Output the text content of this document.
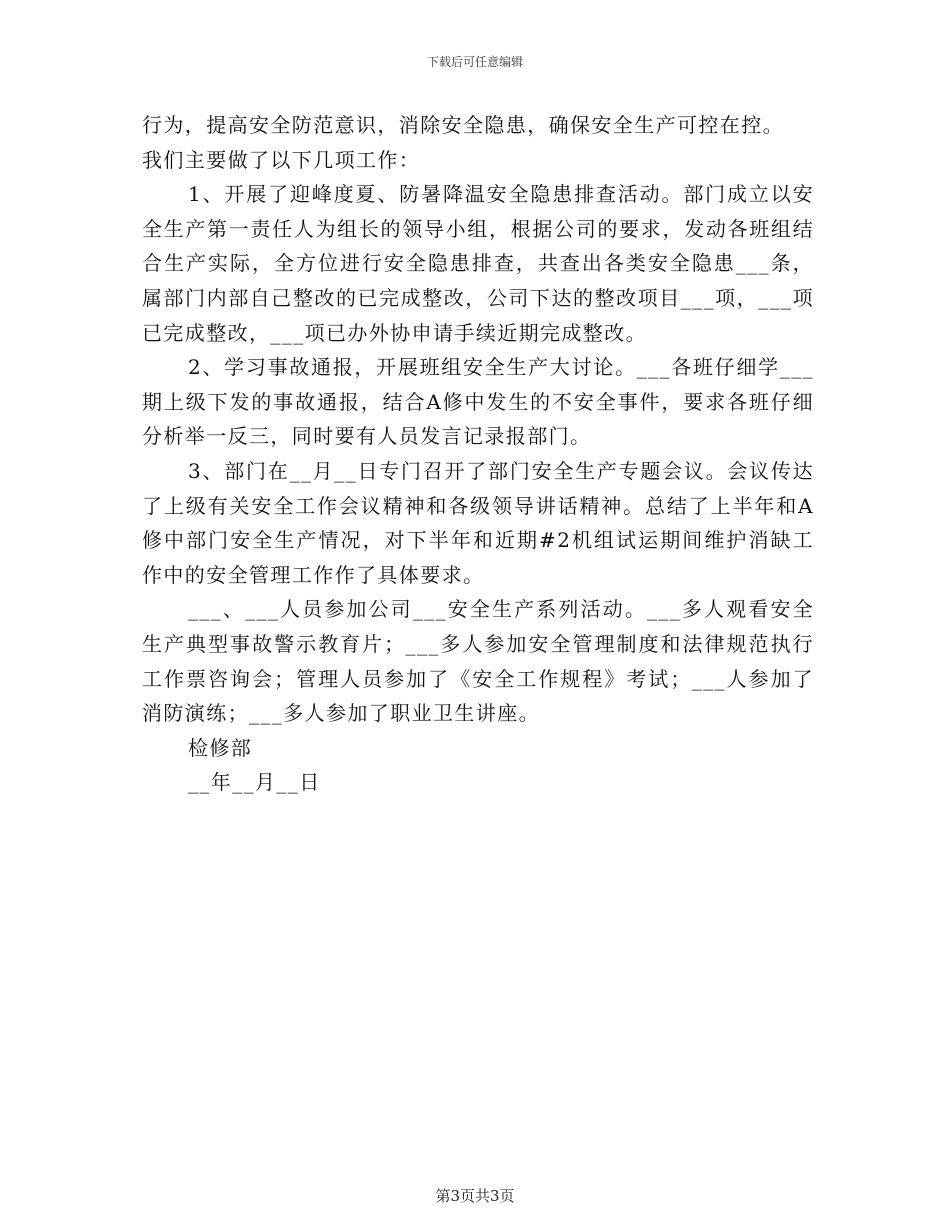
下载后可任意编辑

行为，提高安全防范意识，消除安全隐患，确保安全生产可控在控。

我们主要做了以下几项工作：

1、开展了迎峰度夏、防暑降温安全隐患排查活动。部门成立以安全生产第一责任人为组长的领导小组，根据公司的要求，发动各班组结合生产实际，全方位进行安全隐患排查，共查出各类安全隐患___条，属部门内部自己整改的已完成整改，公司下达的整改项目___项，___项已完成整改，___项已办外协申请手续近期完成整改。

2、学习事故通报，开展班组安全生产大讨论。___各班仔细学___期上级下发的事故通报，结合A修中发生的不安全事件，要求各班仔细分析举一反三，同时要有人员发言记录报部门。

3、部门在__月__日专门召开了部门安全生产专题会议。会议传达了上级有关安全工作会议精神和各级领导讲话精神。总结了上半年和A修中部门安全生产情况，对下半年和近期#2机组试运期间维护消缺工作中的安全管理工作作了具体要求。

___、___人员参加公司___安全生产系列活动。___多人观看安全生产典型事故警示教育片；___多人参加安全管理制度和法律规范执行工作票咨询会；管理人员参加了《安全工作规程》考试；___人参加了消防演练；___多人参加了职业卫生讲座。

检修部

__年__月__日

第3页共3页
